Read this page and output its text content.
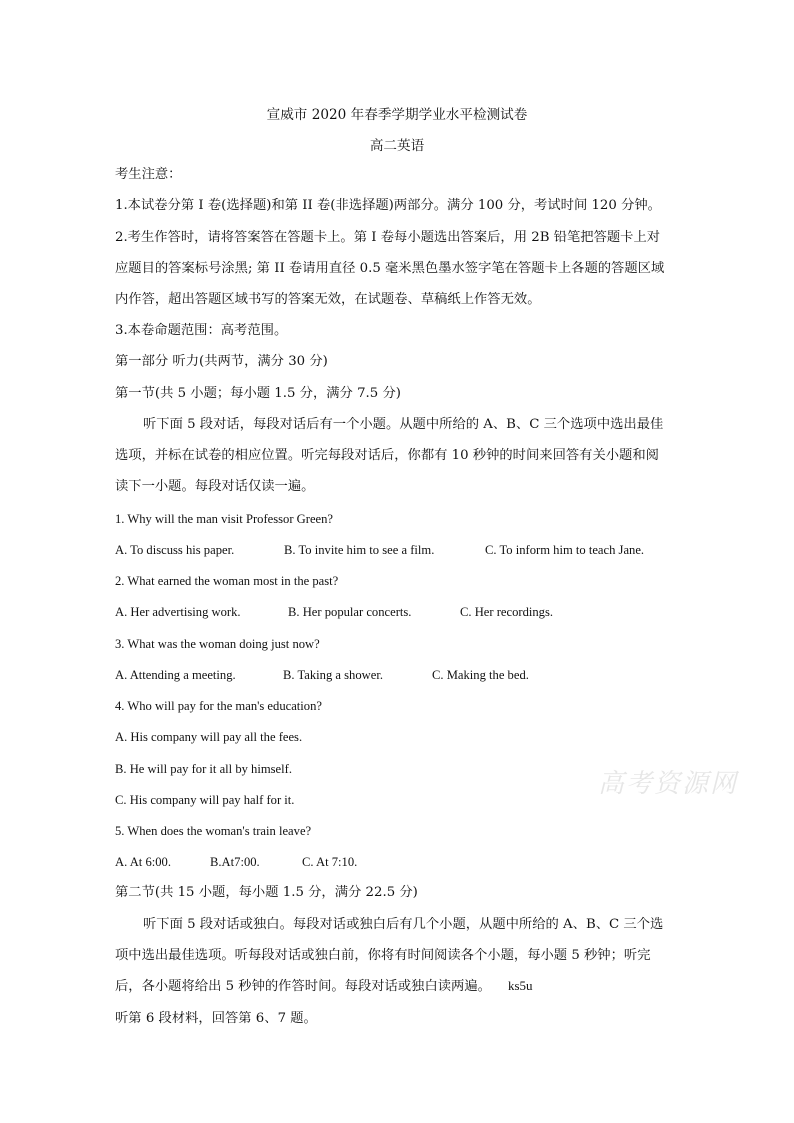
宣威市 2020 年春季学期学业水平检测试卷
高二英语
考生注意：
1.本试卷分第 I 卷(选择题)和第 II 卷(非选择题)两部分。满分 100 分，考试时间 120 分钟。
2.考生作答时，请将答案答在答题卡上。第 I 卷每小题选出答案后，用 2B 铅笔把答题卡上对
应题目的答案标号涂黑; 第 II 卷请用直径 0.5 毫米黑色墨水签字笔在答题卡上各题的答题区域
内作答，超出答题区域书写的答案无效，在试题卷、草稿纸上作答无效。
3.本卷命题范围：高考范围。
第一部分 听力(共两节，满分 30 分)
第一节(共 5 小题；每小题 1.5 分，满分 7.5 分)
听下面 5 段对话，每段对话后有一个小题。从题中所给的 A、B、C 三个选项中选出最佳
选项，并标在试卷的相应位置。听完每段对话后，你都有 10 秒钟的时间来回答有关小题和阅
读下一小题。每段对话仅读一遍。
1. Why will the man visit Professor Green?
A. To discuss his paper.	B. To invite him to see a film.	C. To inform him to teach Jane.
2. What earned the woman most in the past?
A. Her advertising work.	B. Her popular concerts.	C. Her recordings.
3. What was the woman doing just now?
A. Attending a meeting.	B. Taking a shower.	C. Making the bed.
4. Who will pay for the man's education?
A. His company will pay all the fees.
B. He will pay for it all by himself.
C. His company will pay half for it.
5. When does the woman's train leave?
A. At 6:00.	B.At7:00.	C. At 7:10.
第二节(共 15 小题，每小题 1.5 分，满分 22.5 分)
听下面 5 段对话或独白。每段对话或独白后有几个小题，从题中所给的 A、B、C 三个选
项中选出最佳选项。听每段对话或独白前，你将有时间阅读各个小题，每小题 5 秒钟；听完
后，各小题将给出 5 秒钟的作答时间。每段对话或独白读两遍。 ks5u
听第 6 段材料，回答第 6、7 题。
高考资源网
